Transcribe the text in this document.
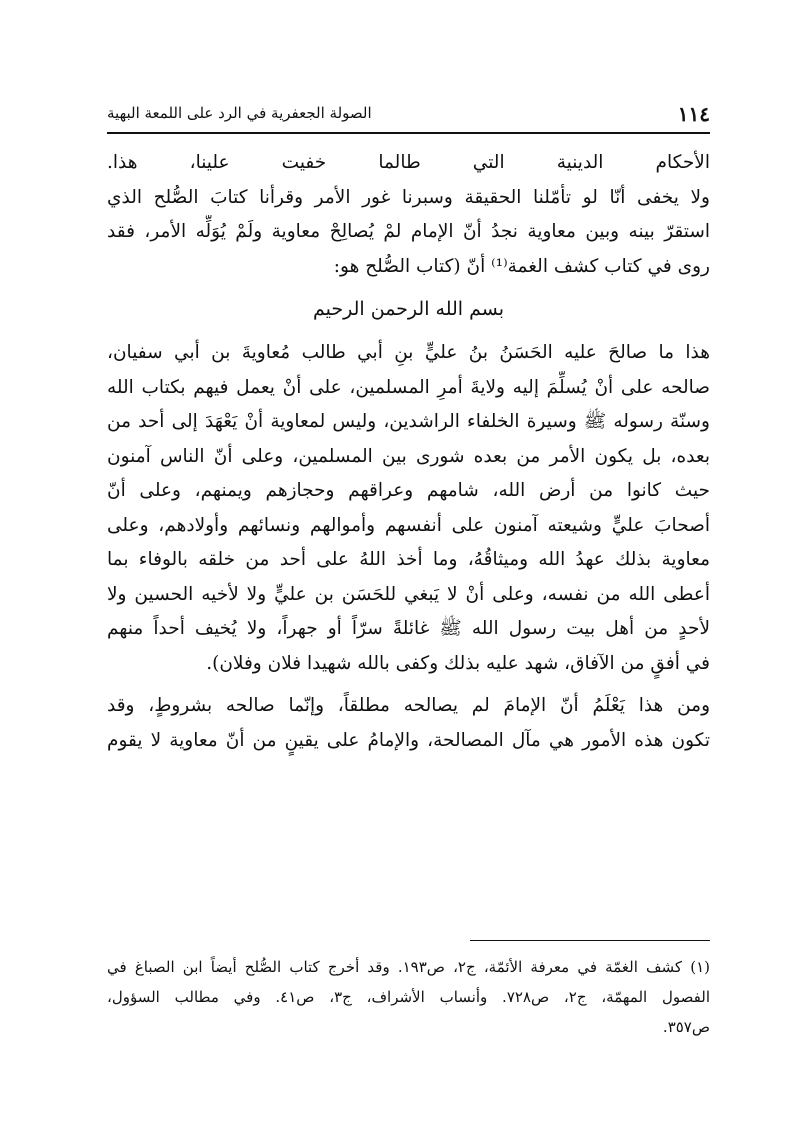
١١٤
الصولة الجعفرية في الرد على اللمعة البهية
الأحكام الدينية التي طالما خفيت علينا، هذا.
ولا يخفى أنّا لو تأمّلنا الحقيقة وسبرنا غور الأمر وقرأنا كتابَ الصُّلح الذي
استقرّ بينه وبين معاوية نجدُ أنّ الإمام لمْ يُصالِحْ معاوية ولَمْ يُوَلِّه الأمر، فقد
روى في كتاب كشف الغمة⁽¹⁾ أنّ (كتاب الصُّلح هو:
بسم الله الرحمن الرحيم
هذا ما صالحَ عليه الحَسَنُ بنُ عليٍّ بنِ أبي طالب مُعاويةَ بن أبي سفيان،
صالحه على أنْ يُسلِّمَ إليه ولايةَ أمرِ المسلمين، على أنْ يعمل فيهم بكتاب الله
وسنّة رسوله ﷺ وسيرة الخلفاء الراشدين، وليس لمعاوية أنْ يَعْهَدَ إلى أحد من
بعده، بل يكون الأمر من بعده شورى بين المسلمين، وعلى أنّ الناس آمنون
حيث كانوا من أرض الله، شامهم وعراقهم وحجازهم ويمنهم، وعلى أنّ
أصحابَ عليٍّ وشيعته آمنون على أنفسهم وأموالهم ونسائهم وأولادهم، وعلى
معاوية بذلك عهدُ الله وميثاقُهُ، وما أخذ اللهُ على أحد من خلقه بالوفاء بما
أعطى الله من نفسه، وعلى أنْ لا يَبغي للحَسَن بن عليٍّ ولا لأخيه الحسين ولا
لأحدٍ من أهل بيت رسول الله ﷺ غائلةً سرّاً أو جهراً، ولا يُخيف أحداً منهم
في أفقٍ من الآفاق، شهد عليه بذلك وكفى بالله شهيدا فلان وفلان).
ومن هذا يَعْلَمُ أنّ الإمامَ لم يصالحه مطلقاً، وإنّما صالحه بشروطٍ، وقد
تكون هذه الأمور هي مآل المصالحة، والإمامُ على يقينٍ من أنّ معاوية لا يقوم
(١) كشف الغمّة في معرفة الأئمّة، ج٢، ص١٩٣. وقد أخرج كتاب الصُّلح أيضاً ابن الصباغ في
الفصول المهمّة، ج٢، ص٧٢٨. وأنساب الأشراف، ج٣، ص٤١. وفي مطالب السؤول،
ص٣٥٧.
